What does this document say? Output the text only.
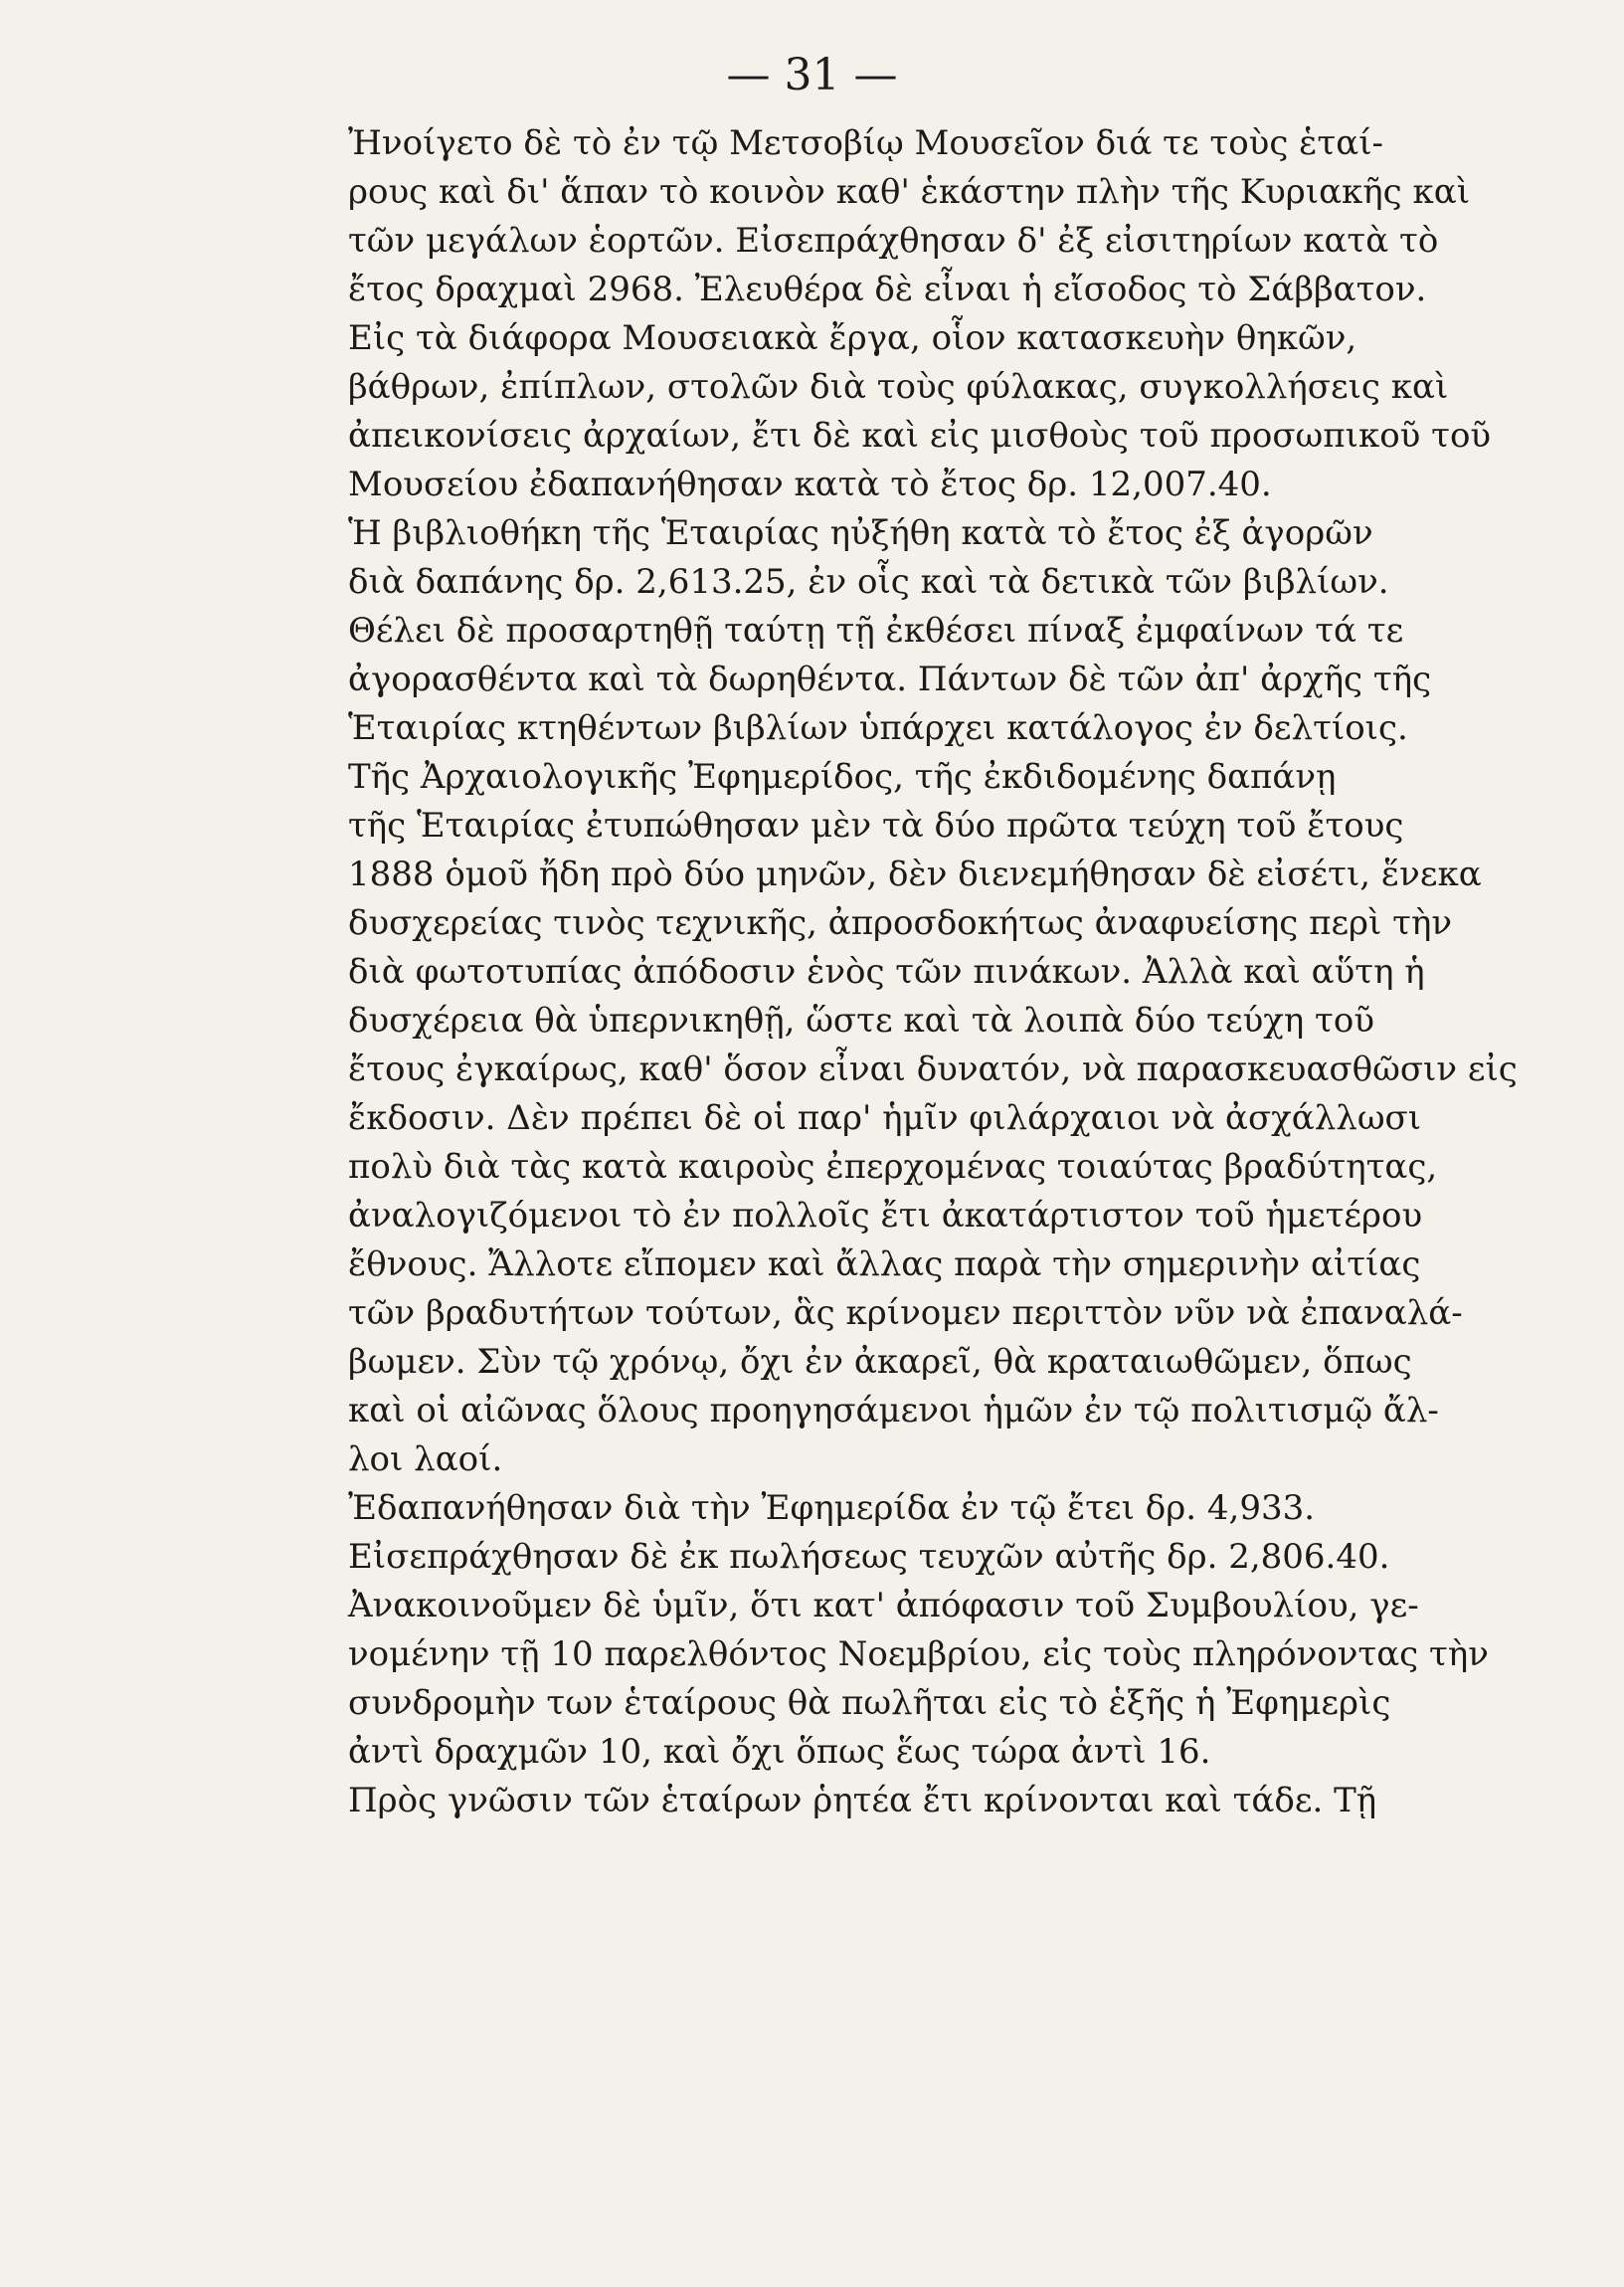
— 31 —

Ἠνοίγετο δὲ τὸ ἐν τῷ Μετσοβίῳ Μουσεῖον διά τε τοὺς ἑταί-
ρους καὶ δι' ἅπαν τὸ κοινὸν καθ' ἑκάστην πλὴν τῆς Κυριακῆς καὶ
τῶν μεγάλων ἑορτῶν. Εἰσεπράχθησαν δ' ἐξ εἰσιτηρίων κατὰ τὸ
ἔτος δραχμαὶ 2968. Ἐλευθέρα δὲ εἶναι ἡ εἴσοδος τὸ Σάββατον.

Εἰς τὰ διάφορα Μουσειακὰ ἔργα, οἷον κατασκευὴν θηκῶν,
βάθρων, ἐπίπλων, στολῶν διὰ τοὺς φύλακας, συγκολλήσεις καὶ
ἀπεικονίσεις ἀρχαίων, ἔτι δὲ καὶ εἰς μισθοὺς τοῦ προσωπικοῦ τοῦ
Μουσείου ἐδαπανήθησαν κατὰ τὸ ἔτος δρ. 12,007.40.

Ἡ βιβλιοθήκη τῆς Ἑταιρίας ηὐξήθη κατὰ τὸ ἔτος ἐξ ἀγορῶν
διὰ δαπάνης δρ. 2,613.25, ἐν οἷς καὶ τὰ δετικὰ τῶν βιβλίων.
Θέλει δὲ προσαρτηθῇ ταύτῃ τῇ ἐκθέσει πίναξ ἐμφαίνων τά τε
ἀγορασθέντα καὶ τὰ δωρηθέντα. Πάντων δὲ τῶν ἀπ' ἀρχῆς τῆς
Ἑταιρίας κτηθέντων βιβλίων ὑπάρχει κατάλογος ἐν δελτίοις.

Τῆς Ἀρχαιολογικῆς Ἐφημερίδος, τῆς ἐκδιδομένης δαπάνῃ
τῆς Ἑταιρίας ἐτυπώθησαν μὲν τὰ δύο πρῶτα τεύχη τοῦ ἔτους
1888 ὁμοῦ ἤδη πρὸ δύο μηνῶν, δὲν διενεμήθησαν δὲ εἰσέτι, ἕνεκα
δυσχερείας τινὸς τεχνικῆς, ἀπροσδοκήτως ἀναφυείσης περὶ τὴν
διὰ φωτοτυπίας ἀπόδοσιν ἑνὸς τῶν πινάκων. Ἀλλὰ καὶ αὕτη ἡ
δυσχέρεια θὰ ὑπερνικηθῇ, ὥστε καὶ τὰ λοιπὰ δύο τεύχη τοῦ
ἔτους ἐγκαίρως, καθ' ὅσον εἶναι δυνατόν, νὰ παρασκευασθῶσιν εἰς
ἔκδοσιν. Δὲν πρέπει δὲ οἱ παρ' ἡμῖν φιλάρχαιοι νὰ ἀσχάλλωσι
πολὺ διὰ τὰς κατὰ καιροὺς ἐπερχομένας τοιαύτας βραδύτητας,
ἀναλογιζόμενοι τὸ ἐν πολλοῖς ἔτι ἀκατάρτιστον τοῦ ἡμετέρου
ἔθνους. Ἄλλοτε εἴπομεν καὶ ἄλλας παρὰ τὴν σημερινὴν αἰτίας
τῶν βραδυτήτων τούτων, ἃς κρίνομεν περιττὸν νῦν νὰ ἐπαναλά-
βωμεν. Σὺν τῷ χρόνῳ, ὄχι ἐν ἀκαρεῖ, θὰ κραταιωθῶμεν, ὅπως
καὶ οἱ αἰῶνας ὅλους προηγησάμενοι ἡμῶν ἐν τῷ πολιτισμῷ ἄλ-
λοι λαοί.

Ἐδαπανήθησαν διὰ τὴν Ἐφημερίδα ἐν τῷ ἔτει δρ. 4,933.
Εἰσεπράχθησαν δὲ ἐκ πωλήσεως τευχῶν αὐτῆς δρ. 2,806.40.
Ἀνακοινοῦμεν δὲ ὑμῖν, ὅτι κατ' ἀπόφασιν τοῦ Συμβουλίου, γε-
νομένην τῇ 10 παρελθόντος Νοεμβρίου, εἰς τοὺς πληρόνοντας τὴν
συνδρομὴν των ἑταίρους θὰ πωλῆται εἰς τὸ ἑξῆς ἡ Ἐφημερὶς
ἀντὶ δραχμῶν 10, καὶ ὄχι ὅπως ἕως τώρα ἀντὶ 16.

Πρὸς γνῶσιν τῶν ἑταίρων ῥητέα ἔτι κρίνονται καὶ τάδε. Τῇ
